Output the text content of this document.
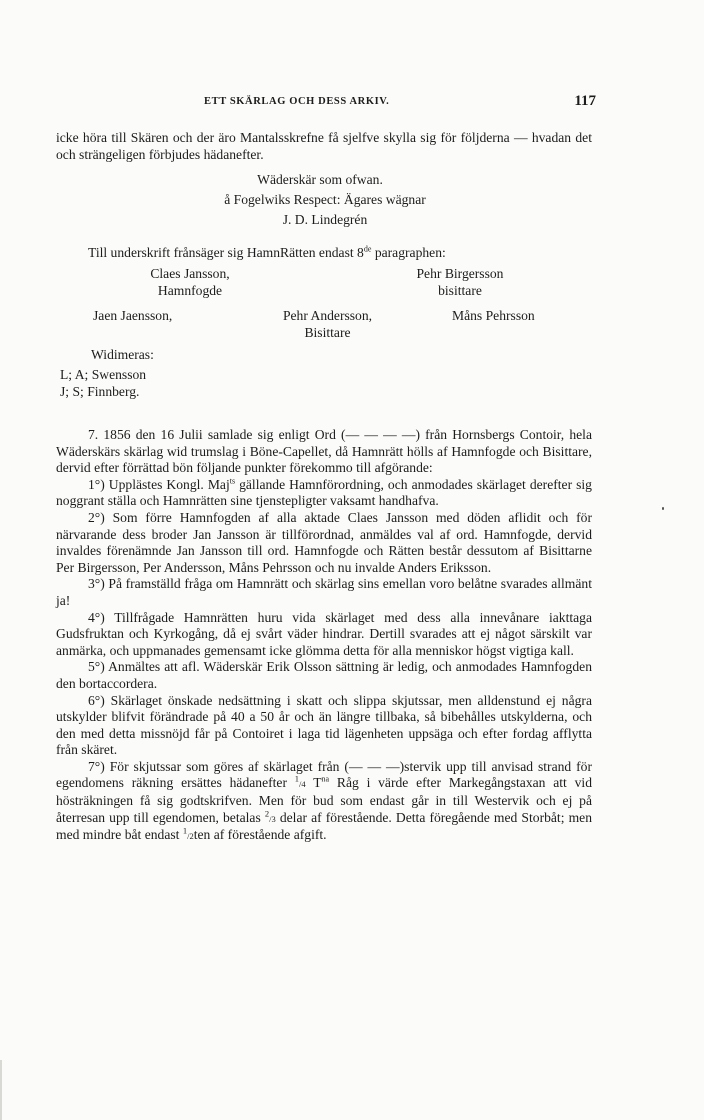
ETT SKÄRLAG OCH DESS ARKIV.	117

icke höra till Skären och der äro Mantalsskrefne få sjelfve skylla sig för följderna — hvadan det och strängeligen förbjudes hädanefter.

Wäderskär som ofwan.
å Fogelwiks Respect: Ägares wägnar
J. D. Lindegrén
Till underskrift frånsäger sig HamnRätten endast 8de paragraphen:
Claes Jansson,
Hamnfogde
Pehr Birgersson
bisittare
Jaen Jaensson,	Pehr Andersson,
Bisittare
Måns Pehrsson
Widimeras:
L; A; Swensson
J; S; Finnberg.

7. 1856 den 16 Julii samlade sig enligt Ord (— — — —) från Hornsbergs Contoir, hela Wäderskärs skärlag wid trumslag i Böne-Capellet, då Hamnrätt hölls af Hamnfogde och Bisittare, dervid efter förrättad bön följande punkter förekommo till afgörande:

1°) Upplästes Kongl. Maj$^{ts}$ gällande Hamnförordning, och anmodades skärlaget derefter sig noggrant ställa och Hamnrätten sine tjenstepligter vaksamt handhafva.

2°) Som förre Hamnfogden af alla aktade Claes Jansson med döden aflidit och för närvarande dess broder Jan Jansson är tillförordnad, anmäldes val af ord. Hamnfogde, dervid invaldes förenämnde Jan Jansson till ord. Hamnfogde och Rätten består dessutom af Bisittarne Per Birgersson, Per Andersson, Måns Pehrsson och nu invalde Anders Eriksson.

3°) På framställd fråga om Hamnrätt och skärlag sins emellan voro belåtne svarades allmänt ja!

4°) Tillfrågade Hamnrätten huru vida skärlaget med dess alla innevånare iakttaga Gudsfruktan och Kyrkogång, då ej svårt väder hindrar. Dertill svarades att ej något särskilt var anmärka, och uppmanades gemensamt icke glömma detta för alla menniskor högst vigtiga kall.

5°) Anmältes att afl. Wäderskär Erik Olsson sättning är ledig, och anmodades Hamnfogden den bortaccordera.

6°) Skärlaget önskade nedsättning i skatt och slippa skjutssar, men alldenstund ej några utskylder blifvit förändrade på 40 a 50 år och än längre tillbaka, så bibehålles utskylderna, och den med detta missnöjd får på Contoiret i laga tid lägenheten uppsäga och efter fordag afflytta från skäret.

7°) För skjutssar som göres af skärlaget från (— — —)stervik upp till anvisad strand för egendomens räkning ersättes hädanefter $^1$/4 $T^{na}$ Råg i värde efter Markegångstaxan att vid hösträkningen få sig godtskrifven. Men för bud som endast går in till Westervik och ej på återresan upp till egendomen, betalas $^2$/3 delar af förestående. Detta föregående med Storbåt; men med mindre båt endast $^1$/2ten af förestående afgift.
